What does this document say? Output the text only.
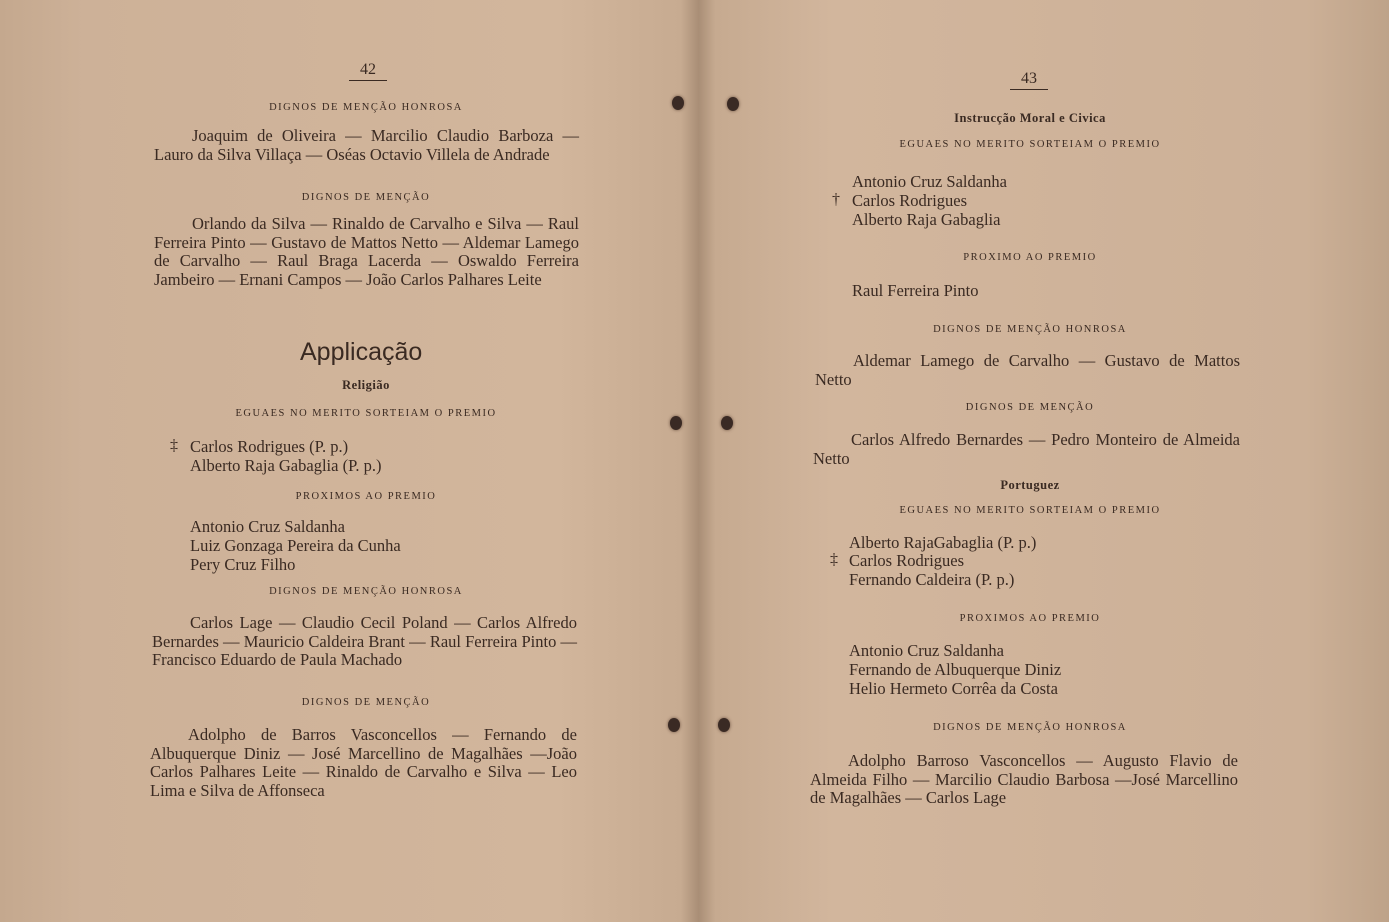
42
DIGNOS DE MENÇÃO HONROSA
Joaquim de Oliveira — Marcilio Claudio Barboza — Lauro da Silva Villaça — Oséas Octavio Villela de Andrade
DIGNOS DE MENÇÃO
Orlando da Silva — Rinaldo de Carvalho e Silva — Raul Ferreira Pinto — Gustavo de Mattos Netto — Aldemar Lamego de Carvalho — Raul Braga Lacerda — Oswaldo Ferreira Jambeiro — Ernani Campos — João Carlos Palhares Leite
Applicação
Religião
EGUAES NO MERITO SORTEIAM O PREMIO
‡ Carlos Rodrigues (P. p.)
Alberto Raja Gabaglia (P. p.)
PROXIMOS AO PREMIO
Antonio Cruz Saldanha
Luiz Gonzaga Pereira da Cunha
Pery Cruz Filho
DIGNOS DE MENÇÃO HONROSA
Carlos Lage — Claudio Cecil Poland — Carlos Alfredo Bernardes — Mauricio Caldeira Brant — Raul Ferreira Pinto — Francisco Eduardo de Paula Machado
DIGNOS DE MENÇÃO
Adolpho de Barros Vasconcellos — Fernando de Albuquerque Diniz — José Marcellino de Magalhães —João Carlos Palhares Leite — Rinaldo de Carvalho e Silva — Leo Lima e Silva de Affonseca
43
Instrucção Moral e Civica
EGUAES NO MERITO SORTEIAM O PREMIO
†
Antonio Cruz Saldanha
Carlos Rodrigues
Alberto Raja Gabaglia
PROXIMO AO PREMIO
Raul Ferreira Pinto
DIGNOS DE MENÇÃO HONROSA
Aldemar Lamego de Carvalho — Gustavo de Mattos Netto
DIGNOS DE MENÇÃO
Carlos Alfredo Bernardes — Pedro Monteiro de Almeida Netto
Portuguez
EGUAES NO MERITO SORTEIAM O PREMIO
‡
Alberto RajaGabaglia (P. p.)
Carlos Rodrigues
Fernando Caldeira (P. p.)
PROXIMOS AO PREMIO
Antonio Cruz Saldanha
Fernando de Albuquerque Diniz
Helio Hermeto Corrêa da Costa
DIGNOS DE MENÇÃO HONROSA
Adolpho Barroso Vasconcellos — Augusto Flavio de Almeida Filho — Marcilio Claudio Barbosa —José Marcellino de Magalhães — Carlos Lage
